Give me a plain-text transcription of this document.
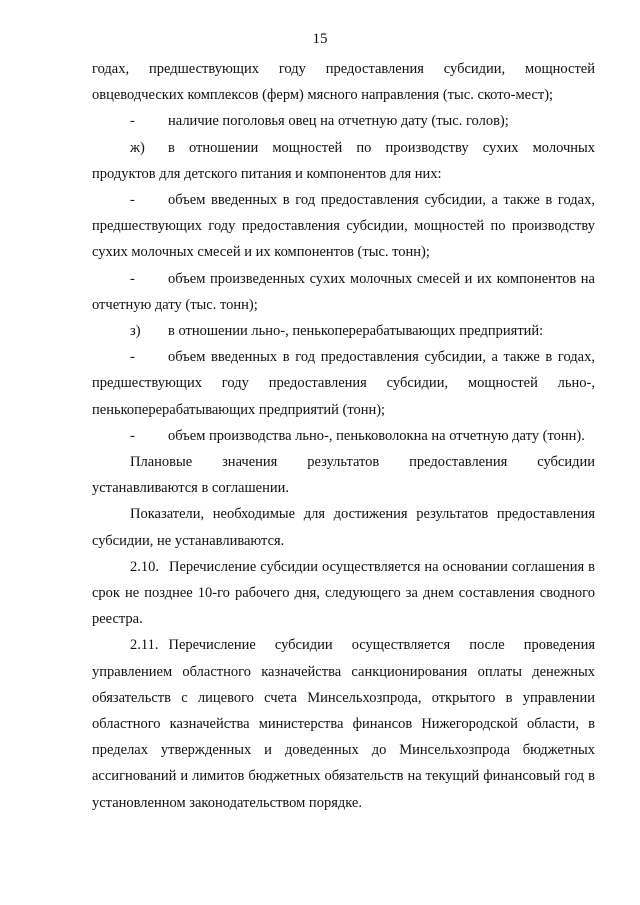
15

годах, предшествующих году предоставления субсидии, мощностей овцеводческих комплексов (ферм) мясного направления (тыс. ското-мест);

- наличие поголовья овец на отчетную дату (тыс. голов);

ж) в отношении мощностей по производству сухих молочных продуктов для детского питания и компонентов для них:

- объем введенных в год предоставления субсидии, а также в годах, предшествующих году предоставления субсидии, мощностей по производству сухих молочных смесей и их компонентов (тыс. тонн);

- объем произведенных сухих молочных смесей и их компонентов на отчетную дату (тыс. тонн);

з) в отношении льно-, пенькоперерабатывающих предприятий:

- объем введенных в год предоставления субсидии, а также в годах, предшествующих году предоставления субсидии, мощностей льно-, пенькоперерабатывающих предприятий (тонн);

- объем производства льно-, пеньковолокна на отчетную дату (тонн).

Плановые значения результатов предоставления субсидии устанавливаются в соглашении.

Показатели, необходимые для достижения результатов предоставления субсидии, не устанавливаются.

2.10. Перечисление субсидии осуществляется на основании соглашения в срок не позднее 10-го рабочего дня, следующего за днем составления сводного реестра.

2.11. Перечисление субсидии осуществляется после проведения управлением областного казначейства санкционирования оплаты денежных обязательств с лицевого счета Минсельхозпрода, открытого в управлении областного казначейства министерства финансов Нижегородской области, в пределах утвержденных и доведенных до Минсельхозпрода бюджетных ассигнований и лимитов бюджетных обязательств на текущий финансовый год в установленном законодательством порядке.
